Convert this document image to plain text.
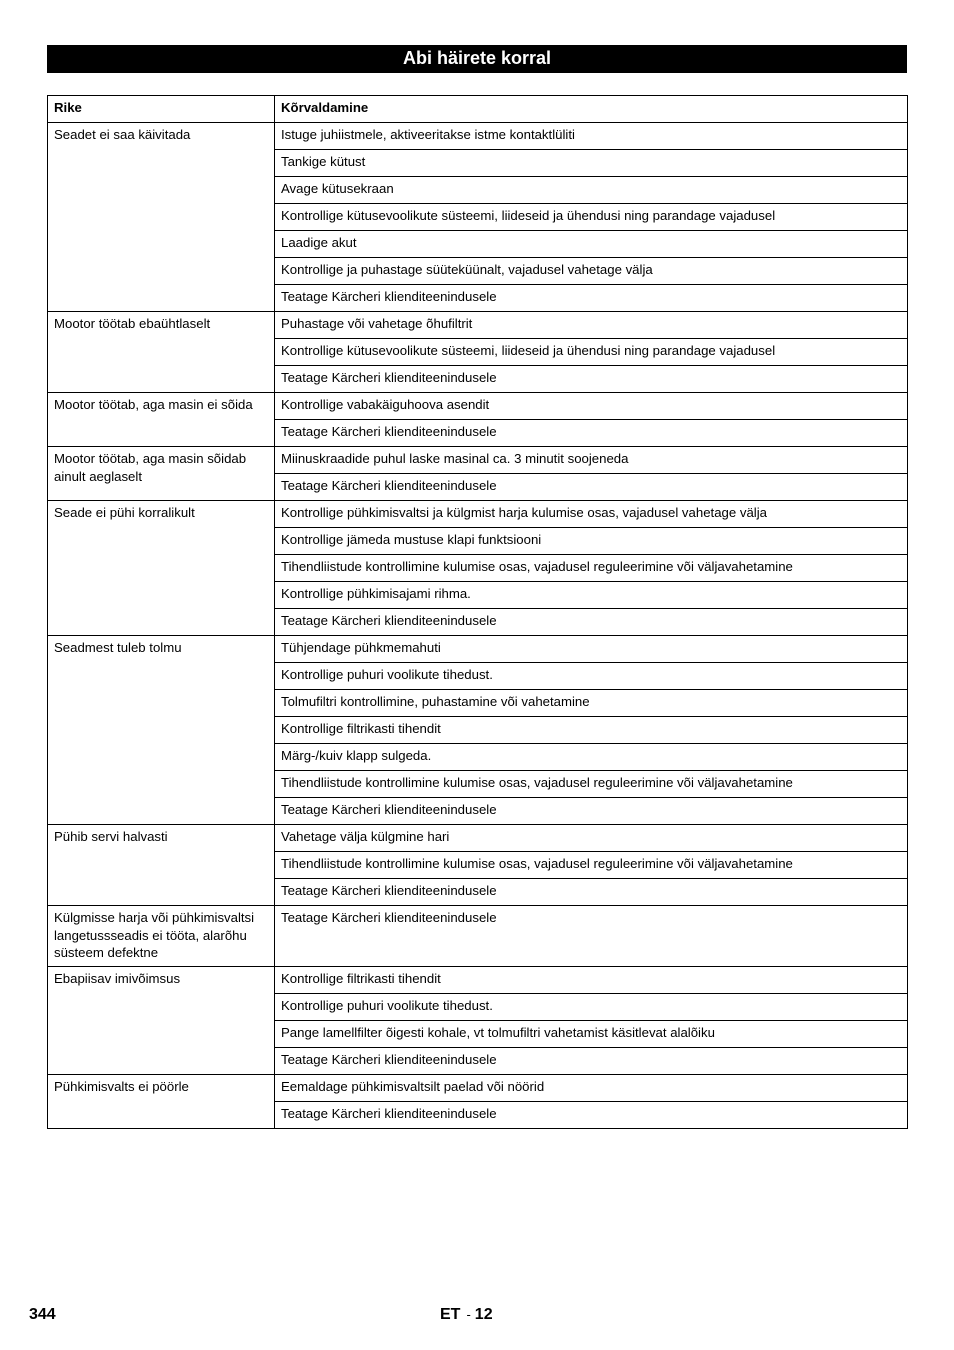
Abi häirete korral
Rike	Kõrvaldamine
Seadet ei saa käivitada	Istuge juhiistmele, aktiveeritakse istme kontaktlüliti
	Tankige kütust
	Avage kütusekraan
	Kontrollige kütusevoolikute süsteemi, liideseid ja ühendusi ning parandage vajadusel
	Laadige akut
	Kontrollige ja puhastage süüteküünalt, vajadusel vahetage välja
	Teatage Kärcheri klienditeenindusele
Mootor töötab ebaühtlaselt	Puhastage või vahetage õhufiltrit
	Kontrollige kütusevoolikute süsteemi, liideseid ja ühendusi ning parandage vajadusel
	Teatage Kärcheri klienditeenindusele
Mootor töötab, aga masin ei sõida	Kontrollige vabakäiguhoova asendit
	Teatage Kärcheri klienditeenindusele
Mootor töötab, aga masin sõidab ainult aeglaselt	Miinuskraadide puhul laske masinal ca. 3 minutit soojeneda
	Teatage Kärcheri klienditeenindusele
Seade ei pühi korralikult	Kontrollige pühkimisvaltsi ja külgmist harja kulumise osas, vajadusel vahetage välja
	Kontrollige jämeda mustuse klapi funktsiooni
	Tihendliistude kontrollimine kulumise osas, vajadusel reguleerimine või väljavahetamine
	Kontrollige pühkimisajami rihma.
	Teatage Kärcheri klienditeenindusele
Seadmest tuleb tolmu	Tühjendage pühkmemahuti
	Kontrollige puhuri voolikute tihedust.
	Tolmufiltri kontrollimine, puhastamine või vahetamine
	Kontrollige filtrikasti tihendit
	Märg-/kuiv klapp sulgeda.
	Tihendliistude kontrollimine kulumise osas, vajadusel reguleerimine või väljavahetamine
	Teatage Kärcheri klienditeenindusele
Pühib servi halvasti	Vahetage välja külgmine hari
	Tihendliistude kontrollimine kulumise osas, vajadusel reguleerimine või väljavahetamine
	Teatage Kärcheri klienditeenindusele
Külgmisse harja või pühkimisvaltsi langetussseadis ei tööta, alarõhu süsteem defektne	Teatage Kärcheri klienditeenindusele
Ebapiisav imivõimsus	Kontrollige filtrikasti tihendit
	Kontrollige puhuri voolikute tihedust.
	Pange lamellfilter õigesti kohale, vt tolmufiltri vahetamist käsitlevat alalõiku
	Teatage Kärcheri klienditeenindusele
Pühkimisvalts ei pöörle	Eemaldage pühkimisvaltsilt paelad või nöörid
	Teatage Kärcheri klienditeenindusele
344	ET - 12
